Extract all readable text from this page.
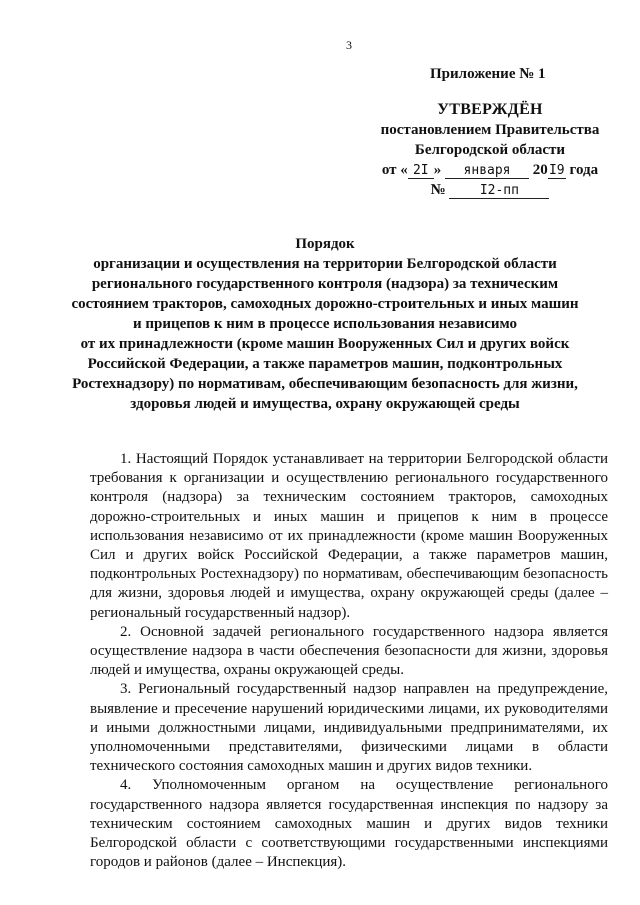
3
Приложение № 1
УТВЕРЖДЁН
постановлением Правительства
Белгородской области
от « 2I » января 20I9 года
№	I2-пп
Порядок
организации и осуществления на территории Белгородской области
регионального государственного контроля (надзора) за техническим
состоянием тракторов, самоходных дорожно-строительных и иных машин
и прицепов к ним в процессе использования независимо
от их принадлежности (кроме машин Вооруженных Сил и других войск
Российской Федерации, а также параметров машин, подконтрольных
Ростехнадзору) по нормативам, обеспечивающим безопасность для жизни,
здоровья людей и имущества, охрану окружающей среды

1. Настоящий Порядок устанавливает на территории Белгородской области требования к организации и осуществлению регионального государственного контроля (надзора) за техническим состоянием тракторов, самоходных дорожно-строительных и иных машин и прицепов к ним в процессе использования независимо от их принадлежности (кроме машин Вооруженных Сил и других войск Российской Федерации, а также параметров машин, подконтрольных Ростехнадзору) по нормативам, обеспечивающим безопасность для жизни, здоровья людей и имущества, охрану окружающей среды (далее – региональный государственный надзор).

2. Основной задачей регионального государственного надзора является осуществление надзора в части обеспечения безопасности для жизни, здоровья людей и имущества, охраны окружающей среды.

3. Региональный государственный надзор направлен на предупреждение, выявление и пресечение нарушений юридическими лицами, их руководителями и иными должностными лицами, индивидуальными предпринимателями, их уполномоченными представителями, физическими лицами в области технического состояния самоходных машин и других видов техники.

4. Уполномоченным органом на осуществление регионального государственного надзора является государственная инспекция по надзору за техническим состоянием самоходных машин и других видов техники Белгородской области с соответствующими государственными инспекциями городов и районов (далее – Инспекция).
